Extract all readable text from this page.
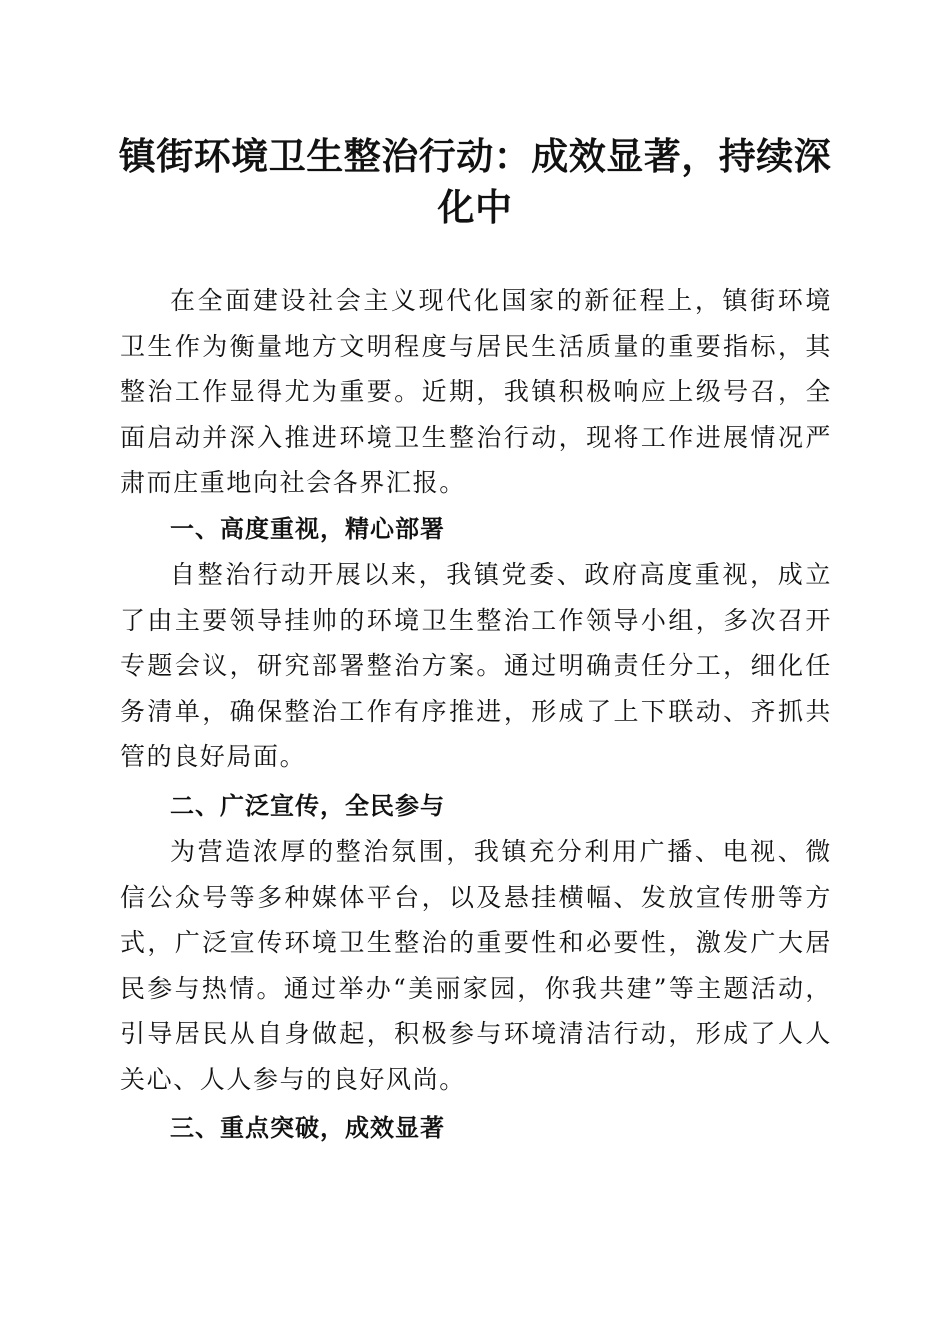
镇街环境卫生整治行动：成效显著，持续深化中

在全面建设社会主义现代化国家的新征程上，镇街环境卫生作为衡量地方文明程度与居民生活质量的重要指标，其整治工作显得尤为重要。近期，我镇积极响应上级号召，全面启动并深入推进环境卫生整治行动，现将工作进展情况严肃而庄重地向社会各界汇报。

一、高度重视，精心部署

自整治行动开展以来，我镇党委、政府高度重视，成立了由主要领导挂帅的环境卫生整治工作领导小组，多次召开专题会议，研究部署整治方案。通过明确责任分工，细化任务清单，确保整治工作有序推进，形成了上下联动、齐抓共管的良好局面。

二、广泛宣传，全民参与

为营造浓厚的整治氛围，我镇充分利用广播、电视、微信公众号等多种媒体平台，以及悬挂横幅、发放宣传册等方式，广泛宣传环境卫生整治的重要性和必要性，激发广大居民参与热情。通过举办“美丽家园，你我共建”等主题活动，引导居民从自身做起，积极参与环境清洁行动，形成了人人关心、人人参与的良好风尚。

三、重点突破，成效显著
